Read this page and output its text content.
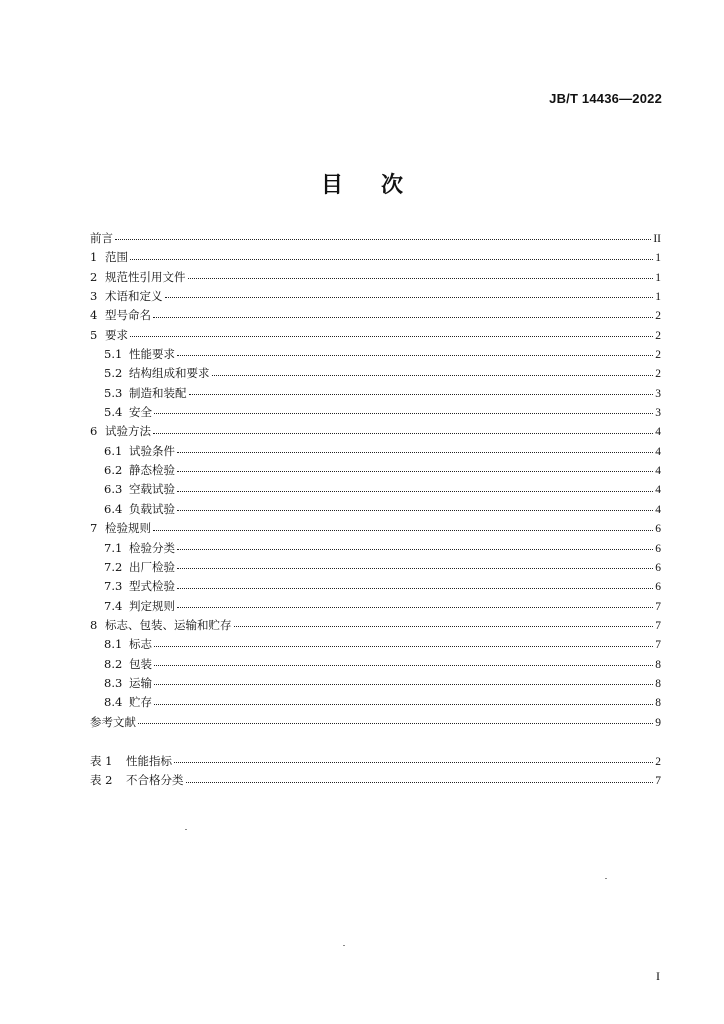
JB/T 14436—2022
目 次
前言	II
1 范围	1
2 规范性引用文件	1
3 术语和定义	1
4 型号命名	2
5 要求	2
5.1 性能要求	2
5.2 结构组成和要求	2
5.3 制造和装配	3
5.4 安全	3
6 试验方法	4
6.1 试验条件	4
6.2 静态检验	4
6.3 空载试验	4
6.4 负载试验	4
7 检验规则	6
7.1 检验分类	6
7.2 出厂检验	6
7.3 型式检验	6
7.4 判定规则	7
8 标志、包装、运输和贮存	7
8.1 标志	7
8.2 包装	8
8.3 运输	8
8.4 贮存	8
参考文献	9
表 1	性能指标	2
表 2	不合格分类	7
I
